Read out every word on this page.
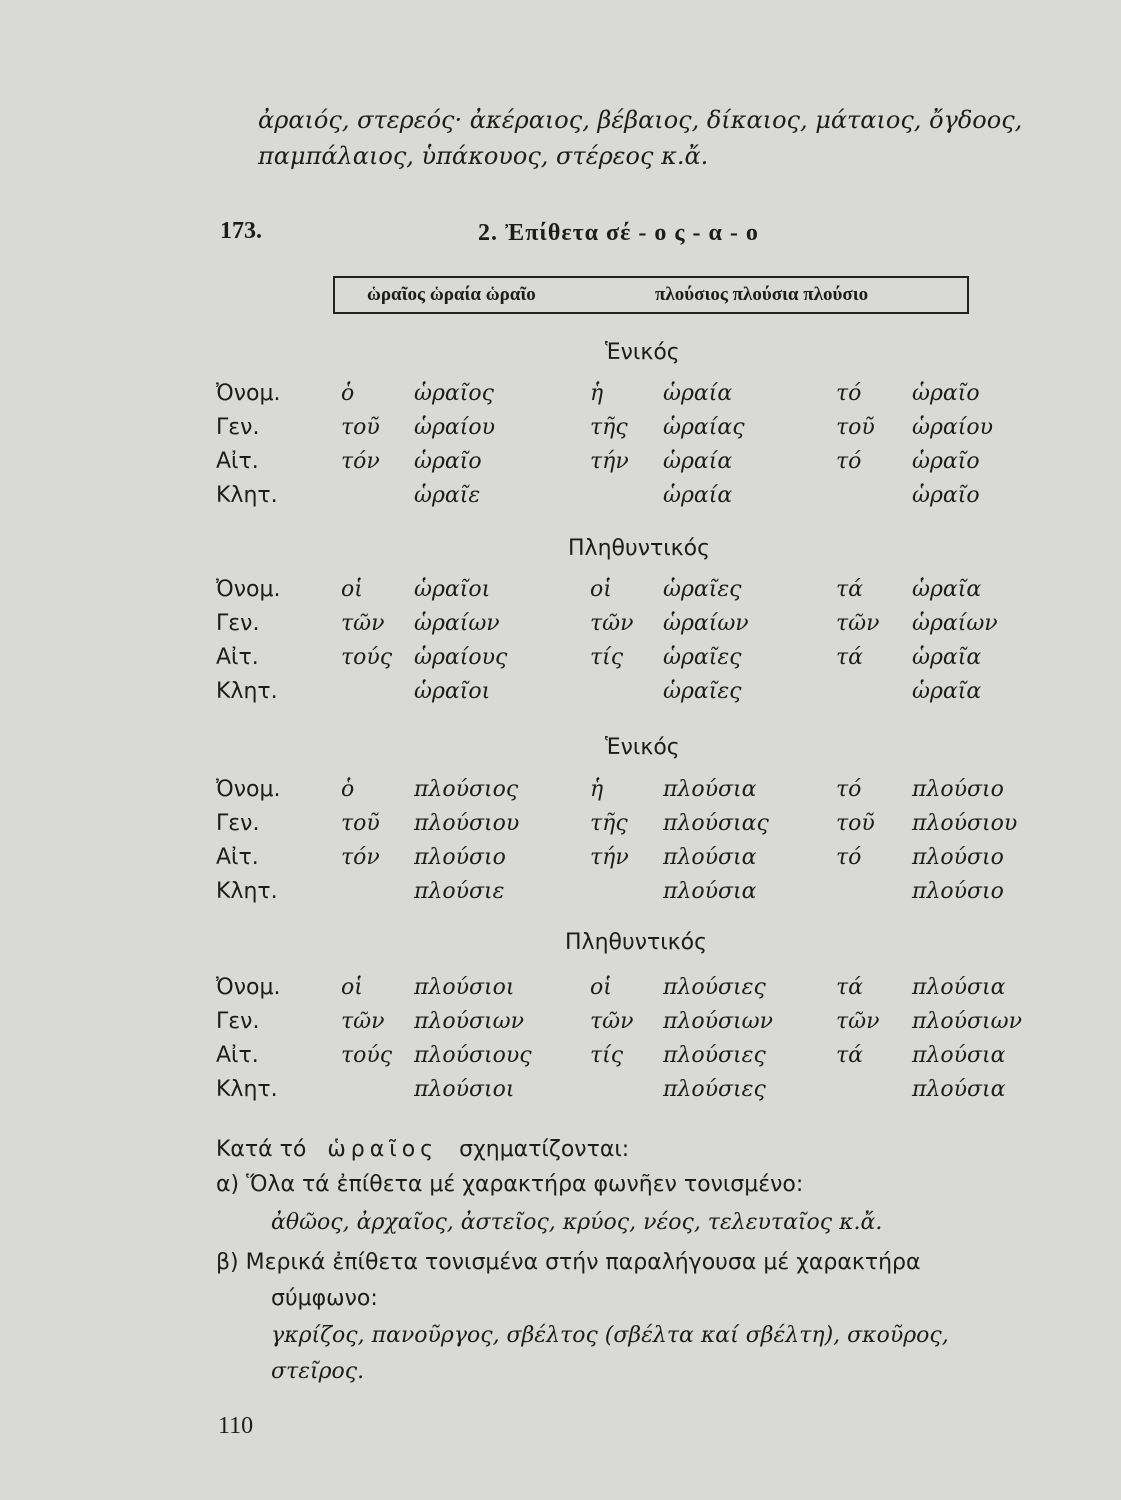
ἀραιός, στερεός· ἀκέραιος, βέβαιος, δίκαιος, μάταιος, ὄγδοος,
παμπάλαιος, ὑπάκουος, στέρεος κ.ἄ.
173.	2. Ἐπίθετα σέ - ο ς - α - ο
ὡραῖος ὡραία ὡραῖο	πλούσιος πλούσια πλούσιο
Ἑνικός
Ὀνομ.	ὁ	ὡραῖος	ἡ	ὡραία	τό ὡραῖο
Γεν.	τοῦ ὡραίου	τῆς ὡραίας	τοῦ ὡραίου
Αἰτ.	τόν ὡραῖο	τήν ὡραία	τό ὡραῖο
Κλητ.	ὡραῖε	ὡραία	ὡραῖο
Πληθυντικός
Ὀνομ.	οἱ ὡραῖοι	οἱ ὡραῖες	τά ὡραῖα
Γεν.	τῶν ὡραίων	τῶν ὡραίων	τῶν ὡραίων
Αἰτ.	τούς ὡραίους	τίς ὡραῖες	τά ὡραῖα
Κλητ.	ὡραῖοι	ὡραῖες	ὡραῖα
Ἑνικός
Ὀνομ.	ὁ	πλούσιος	ἡ	πλούσια	τό πλούσιο
Γεν.	τοῦ πλούσιου	τῆς πλούσιας	τοῦ πλούσιου
Αἰτ.	τόν πλούσιο	τήν πλούσια	τό πλούσιο
Κλητ.	πλούσιε	πλούσια	πλούσιο
Πληθυντικός
Ὀνομ.	οἱ πλούσιοι	οἱ πλούσιες	τά πλούσια
Γεν.	τῶν πλούσιων	τῶν πλούσιων	τῶν πλούσιων
Αἰτ.	τούς πλούσιους	τίς πλούσιες	τά πλούσια
Κλητ.	πλούσιοι	πλούσιες	πλούσια
Κατά τό ὡραῖος σχηματίζονται:
α) Ὅλα τά ἐπίθετα μέ χαρακτήρα φωνῆεν τονισμένο:
ἀθῶος, ἀρχαῖος, ἀστεῖος, κρύος, νέος, τελευταῖος κ.ἄ.
β) Μερικά ἐπίθετα τονισμένα στήν παραλήγουσα μέ χαρακτήρα
σύμφωνο:
γκρίζος, πανοῦργος, σβέλτος (σβέλτα καί σβέλτη), σκοῦρος,
στεῖρος.
110
